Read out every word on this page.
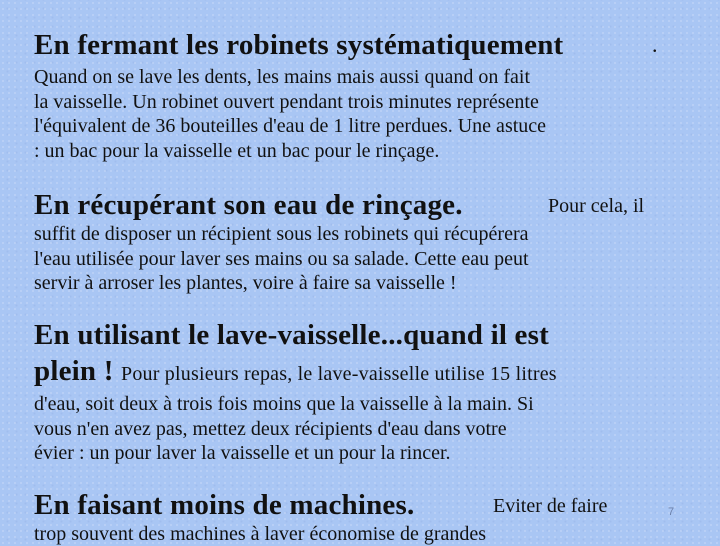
En fermant les robinets systématiquement	.
Quand on se lave les dents, les mains mais aussi quand on fait
la vaisselle. Un robinet ouvert pendant trois minutes représente
l'équivalent de 36 bouteilles d'eau de 1 litre perdues. Une astuce
: un bac pour la vaisselle et un bac pour le rinçage.
En récupérant son eau de rinçage.	Pour cela, il
suffit de disposer un récipient sous les robinets qui récupérera
l'eau utilisée pour laver ses mains ou sa salade. Cette eau peut
servir à arroser les plantes, voire à faire sa vaisselle !
En utilisant le lave-vaisselle...quand il est
plein ! Pour plusieurs repas, le lave-vaisselle utilise 15 litres
d'eau, soit deux à trois fois moins que la vaisselle à la main. Si
vous n'en avez pas, mettez deux récipients d'eau dans votre
évier : un pour laver la vaisselle et un pour la rincer.
En faisant moins de machines.	Eviter de faire
trop souvent des machines à laver économise de grandes
7
